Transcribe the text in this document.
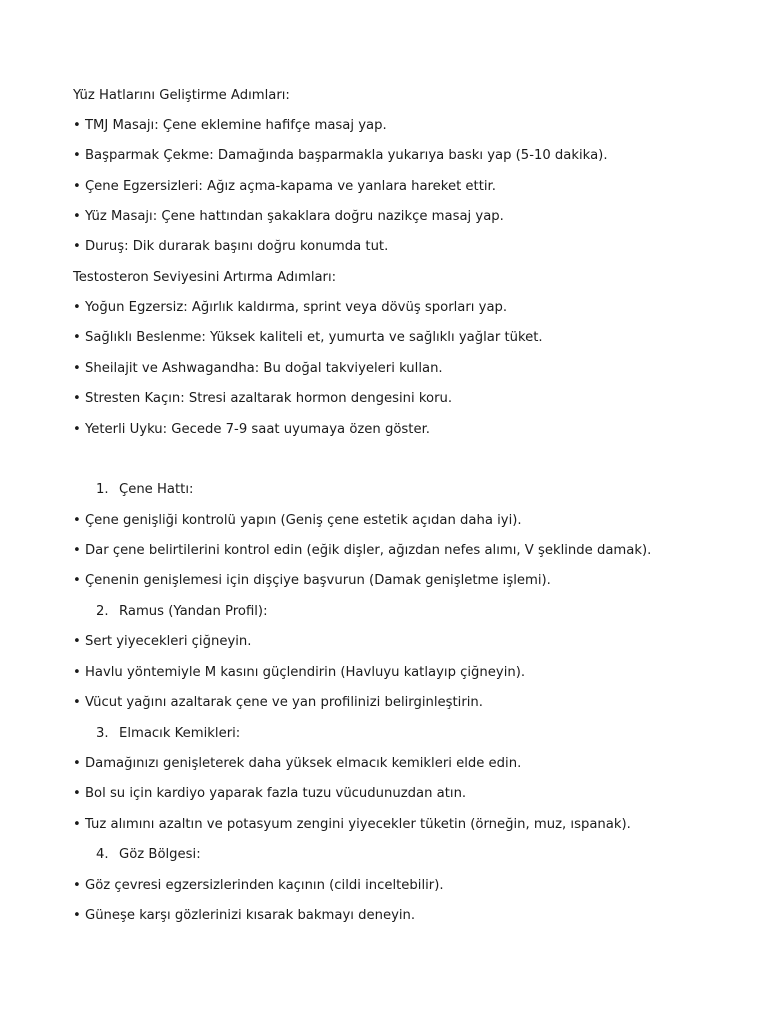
Yüz Hatlarını Geliştirme Adımları:
• TMJ Masajı: Çene eklemine hafifçe masaj yap.
• Başparmak Çekme: Damağında başparmakla yukarıya baskı yap (5-10 dakika).
• Çene Egzersizleri: Ağız açma-kapama ve yanlara hareket ettir.
• Yüz Masajı: Çene hattından şakaklara doğru nazikçe masaj yap.
• Duruş: Dik durarak başını doğru konumda tut.
Testosteron Seviyesini Artırma Adımları:
• Yoğun Egzersiz: Ağırlık kaldırma, sprint veya dövüş sporları yap.
• Sağlıklı Beslenme: Yüksek kaliteli et, yumurta ve sağlıklı yağlar tüket.
• Sheilajit ve Ashwagandha: Bu doğal takviyeleri kullan.
• Stresten Kaçın: Stresi azaltarak hormon dengesini koru.
• Yeterli Uyku: Gecede 7-9 saat uyumaya özen göster.
1. Çene Hattı:
• Çene genişliği kontrolü yapın (Geniş çene estetik açıdan daha iyi).
• Dar çene belirtilerini kontrol edin (eğik dişler, ağızdan nefes alımı, V şeklinde damak).
• Çenenin genişlemesi için dişçiye başvurun (Damak genişletme işlemi).
2. Ramus (Yandan Profil):
• Sert yiyecekleri çiğneyin.
• Havlu yöntemiyle M kasını güçlendirin (Havluyu katlayıp çiğneyin).
• Vücut yağını azaltarak çene ve yan profilinizi belirginleştirin.
3. Elmacık Kemikleri:
• Damağınızı genişleterek daha yüksek elmacık kemikleri elde edin.
• Bol su için kardiyo yaparak fazla tuzu vücudunuzdan atın.
• Tuz alımını azaltın ve potasyum zengini yiyecekler tüketin (örneğin, muz, ıspanak).
4. Göz Bölgesi:
• Göz çevresi egzersizlerinden kaçının (cildi inceltebilir).
• Güneşe karşı gözlerinizi kısarak bakmayı deneyin.
